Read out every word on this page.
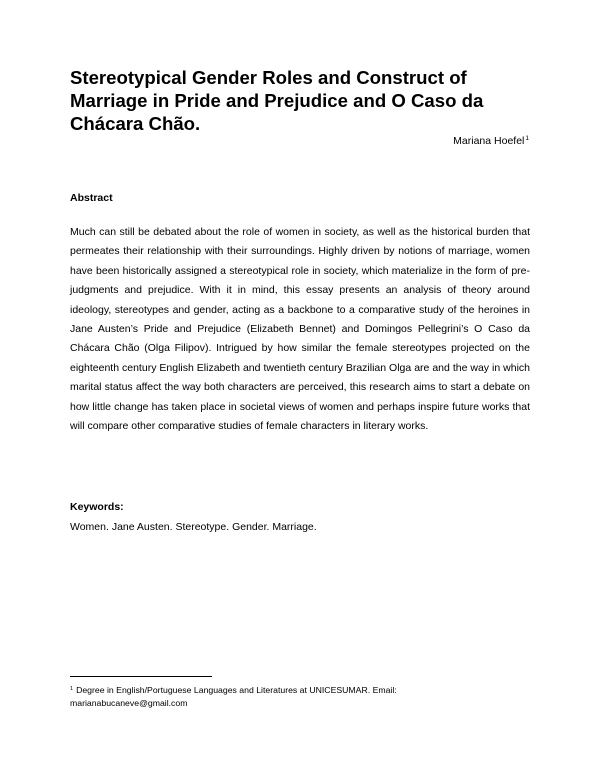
Stereotypical Gender Roles and Construct of Marriage in Pride and Prejudice and O Caso da Chácara Chão.
Mariana Hoefel$^1$
Abstract

Much can still be debated about the role of women in society, as well as the historical burden that permeates their relationship with their surroundings. Highly driven by notions of marriage, women have been historically assigned a stereotypical role in society, which materialize in the form of pre-judgments and prejudice. With it in mind, this essay presents an analysis of theory around ideology, stereotypes and gender, acting as a backbone to a comparative study of the heroines in Jane Austen’s Pride and Prejudice (Elizabeth Bennet) and Domingos Pellegrini’s O Caso da Chácara Chão (Olga Filipov). Intrigued by how similar the female stereotypes projected on the eighteenth century English Elizabeth and twentieth century Brazilian Olga are and the way in which marital status affect the way both characters are perceived, this research aims to start a debate on how little change has taken place in societal views of women and perhaps inspire future works that will compare other comparative studies of female characters in literary works.

Keywords:
Women. Jane Austen. Stereotype. Gender. Marriage.
$^1$ Degree in English/Portuguese Languages and Literatures at UNICESUMAR. Email:
marianabucaneve@gmail.com
